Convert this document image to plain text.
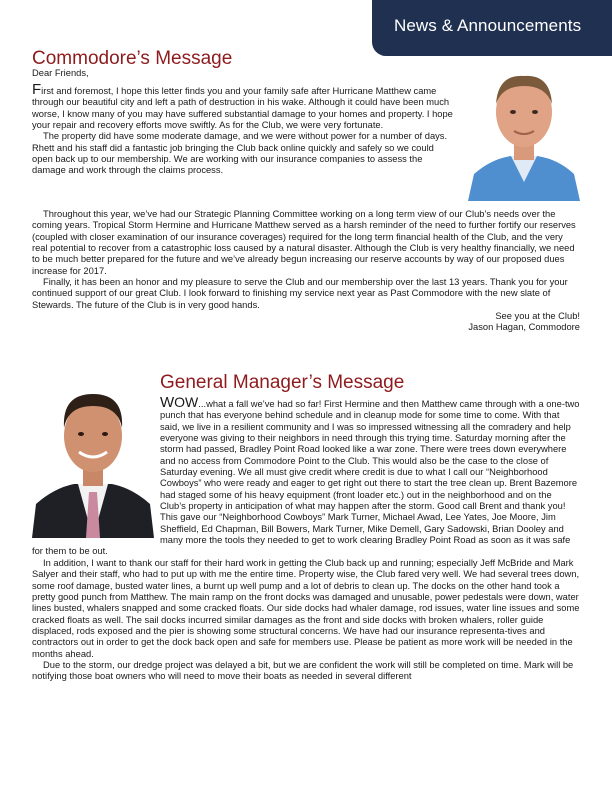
News & Announcements
Commodore’s Message

Dear Friends,

First and foremost, I hope this letter finds you and your family safe after Hurricane Matthew came through our beautiful city and left a path of destruction in his wake. Although it could have been much worse, I know many of you may have suffered substantial damage to your homes and property. I hope your repair and recovery efforts move swiftly. As for the Club, we were very fortunate.

The property did have some moderate damage, and we were without power for a number of days. Rhett and his staff did a fantastic job bringing the Club back online quickly and safely so we could open back up to our membership. We are working with our insurance companies to assess the damage and work through the claims process.

Throughout this year, we’ve had our Strategic Planning Committee working on a long term view of our Club’s needs over the coming years. Tropical Storm Hermine and Hurricane Matthew served as a harsh reminder of the need to further fortify our reserves (coupled with closer examination of our insurance coverages) required for the long term financial health of the Club, and the very real potential to recover from a catastrophic loss caused by a natural disaster. Although the Club is very healthy financially, we need to be much better prepared for the future and we’ve already begun increasing our reserve accounts by way of our proposed dues increase for 2017.

Finally, it has been an honor and my pleasure to serve the Club and our membership over the last 13 years. Thank you for your continued support of our great Club. I look forward to finishing my service next year as Past Commodore with the new slate of Stewards. The future of the Club is in very good hands.

See you at the Club!

Jason Hagan, Commodore

General Manager’s Message

WOW...what a fall we’ve had so far! First Hermine and then Matthew came through with a one-two punch that has everyone behind schedule and in cleanup mode for some time to come. With that said, we live in a resilient community and I was so impressed witnessing all the comradery and help everyone was giving to their neighbors in need through this trying time. Saturday morning after the storm had passed, Bradley Point Road looked like a war zone. There were trees down everywhere and no access from Commodore Point to the Club. This would also be the case to the close of Saturday evening. We all must give credit where credit is due to what I call our “Neighborhood Cowboys” who were ready and eager to get right out there to start the tree clean up. Brent Bazemore had staged some of his heavy equipment (front loader etc.) out in the neighborhood and on the Club’s property in anticipation of what may happen after the storm. Good call Brent and thank you! This gave our “Neighborhood Cowboys” Mark Turner, Michael Awad, Lee Yates, Joe Moore, Jim Sheffield, Ed Chapman, Bill Bowers, Mark Turner, Mike Demell, Gary Sadowski, Brian Dooley and many more the tools they needed to get to work clearing Bradley Point Road as soon as it was safe for them to be out.

In addition, I want to thank our staff for their hard work in getting the Club back up and running; especially Jeff McBride and Mark Salyer and their staff, who had to put up with me the entire time. Property wise, the Club fared very well. We had several trees down, some roof damage, busted water lines, a burnt up well pump and a lot of debris to clean up. The docks on the other hand took a pretty good punch from Matthew. The main ramp on the front docks was damaged and unusable, power pedestals were down, water lines busted, whalers snapped and some cracked floats. Our side docks had whaler damage, rod issues, water line issues and some cracked floats as well. The sail docks incurred similar damages as the front and side docks with broken whalers, roller guide displaced, rods exposed and the pier is showing some structural concerns. We have had our insurance representa-tives and contractors out in order to get the dock back open and safe for members use. Please be patient as more work will be needed in the months ahead.

Due to the storm, our dredge project was delayed a bit, but we are confident the work will still be completed on time. Mark will be notifying those boat owners who will need to move their boats as needed in several different
